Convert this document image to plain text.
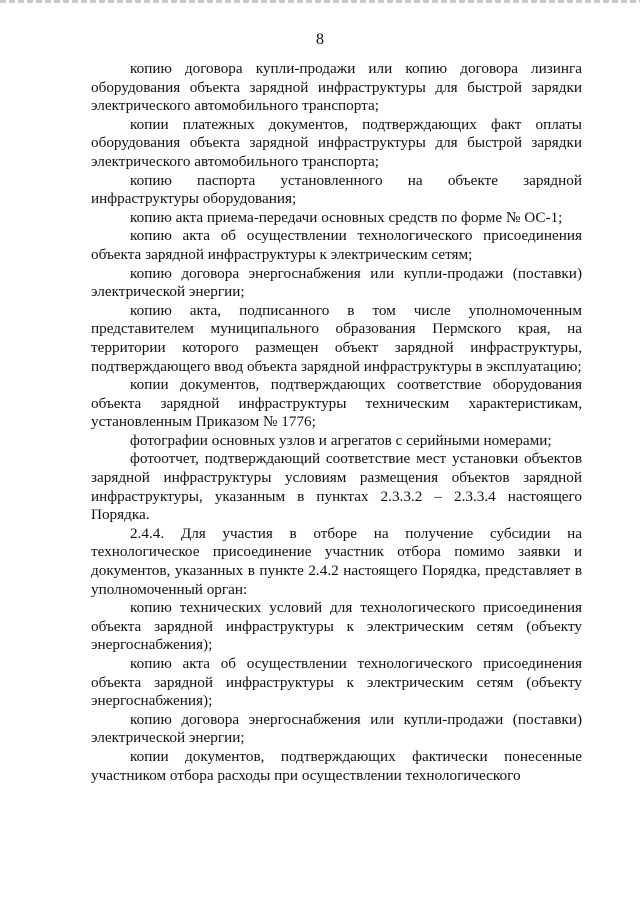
8

копию договора купли-продажи или копию договора лизинга оборудования объекта зарядной инфраструктуры для быстрой зарядки электрического автомобильного транспорта;

копии платежных документов, подтверждающих факт оплаты оборудования объекта зарядной инфраструктуры для быстрой зарядки электрического автомобильного транспорта;

копию паспорта установленного на объекте зарядной инфраструктуры оборудования;

копию акта приема-передачи основных средств по форме № ОС-1;

копию акта об осуществлении технологического присоединения объекта зарядной инфраструктуры к электрическим сетям;

копию договора энергоснабжения или купли-продажи (поставки) электрической энергии;

копию акта, подписанного в том числе уполномоченным представителем муниципального образования Пермского края, на территории которого размещен объект зарядной инфраструктуры, подтверждающего ввод объекта зарядной инфраструктуры в эксплуатацию;

копии документов, подтверждающих соответствие оборудования объекта зарядной инфраструктуры техническим характеристикам, установленным Приказом № 1776;

фотографии основных узлов и агрегатов с серийными номерами;

фотоотчет, подтверждающий соответствие мест установки объектов зарядной инфраструктуры условиям размещения объектов зарядной инфраструктуры, указанным в пунктах 2.3.3.2 – 2.3.3.4 настоящего Порядка.

2.4.4. Для участия в отборе на получение субсидии на технологическое присоединение участник отбора помимо заявки и документов, указанных в пункте 2.4.2 настоящего Порядка, представляет в уполномоченный орган:

копию технических условий для технологического присоединения объекта зарядной инфраструктуры к электрическим сетям (объекту энергоснабжения);

копию акта об осуществлении технологического присоединения объекта зарядной инфраструктуры к электрическим сетям (объекту энергоснабжения);

копию договора энергоснабжения или купли-продажи (поставки) электрической энергии;

копии документов, подтверждающих фактически понесенные участником отбора расходы при осуществлении технологического
